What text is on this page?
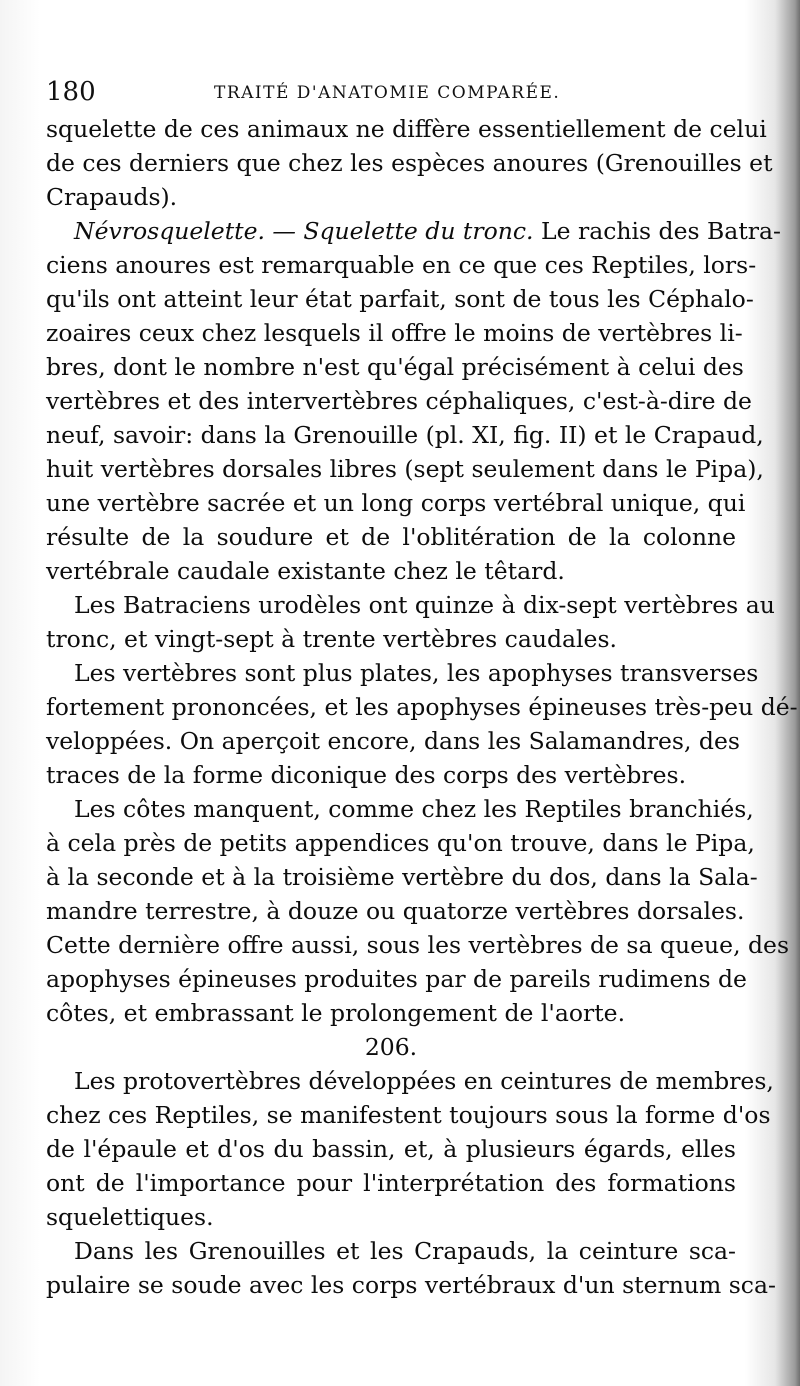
180	TRAITÉ D'ANATOMIE COMPARÉE.
squelette de ces animaux ne diffère essentiellement de celui
de ces derniers que chez les espèces anoures (Grenouilles et
Crapauds).
Névrosquelette. — Squelette du tronc. Le rachis des Batra-
ciens anoures est remarquable en ce que ces Reptiles, lors-
qu'ils ont atteint leur état parfait, sont de tous les Céphalo-
zoaires ceux chez lesquels il offre le moins de vertèbres li-
bres, dont le nombre n'est qu'égal précisément à celui des
vertèbres et des intervertèbres céphaliques, c'est-à-dire de
neuf, savoir: dans la Grenouille (pl. XI, fig. II) et le Crapaud,
huit vertèbres dorsales libres (sept seulement dans le Pipa),
une vertèbre sacrée et un long corps vertébral unique, qui
résulte de la soudure et de l'oblitération de la colonne
vertébrale caudale existante chez le têtard.
Les Batraciens urodèles ont quinze à dix-sept vertèbres au
tronc, et vingt-sept à trente vertèbres caudales.
Les vertèbres sont plus plates, les apophyses transverses
fortement prononcées, et les apophyses épineuses très-peu dé-
veloppées. On aperçoit encore, dans les Salamandres, des
traces de la forme diconique des corps des vertèbres.
Les côtes manquent, comme chez les Reptiles branchiés,
à cela près de petits appendices qu'on trouve, dans le Pipa,
à la seconde et à la troisième vertèbre du dos, dans la Sala-
mandre terrestre, à douze ou quatorze vertèbres dorsales.
Cette dernière offre aussi, sous les vertèbres de sa queue, des
apophyses épineuses produites par de pareils rudimens de
côtes, et embrassant le prolongement de l'aorte.
206.
Les protovertèbres développées en ceintures de membres,
chez ces Reptiles, se manifestent toujours sous la forme d'os
de l'épaule et d'os du bassin, et, à plusieurs égards, elles
ont de l'importance pour l'interprétation des formations
squelettiques.
Dans les Grenouilles et les Crapauds, la ceinture sca-
pulaire se soude avec les corps vertébraux d'un sternum sca-
